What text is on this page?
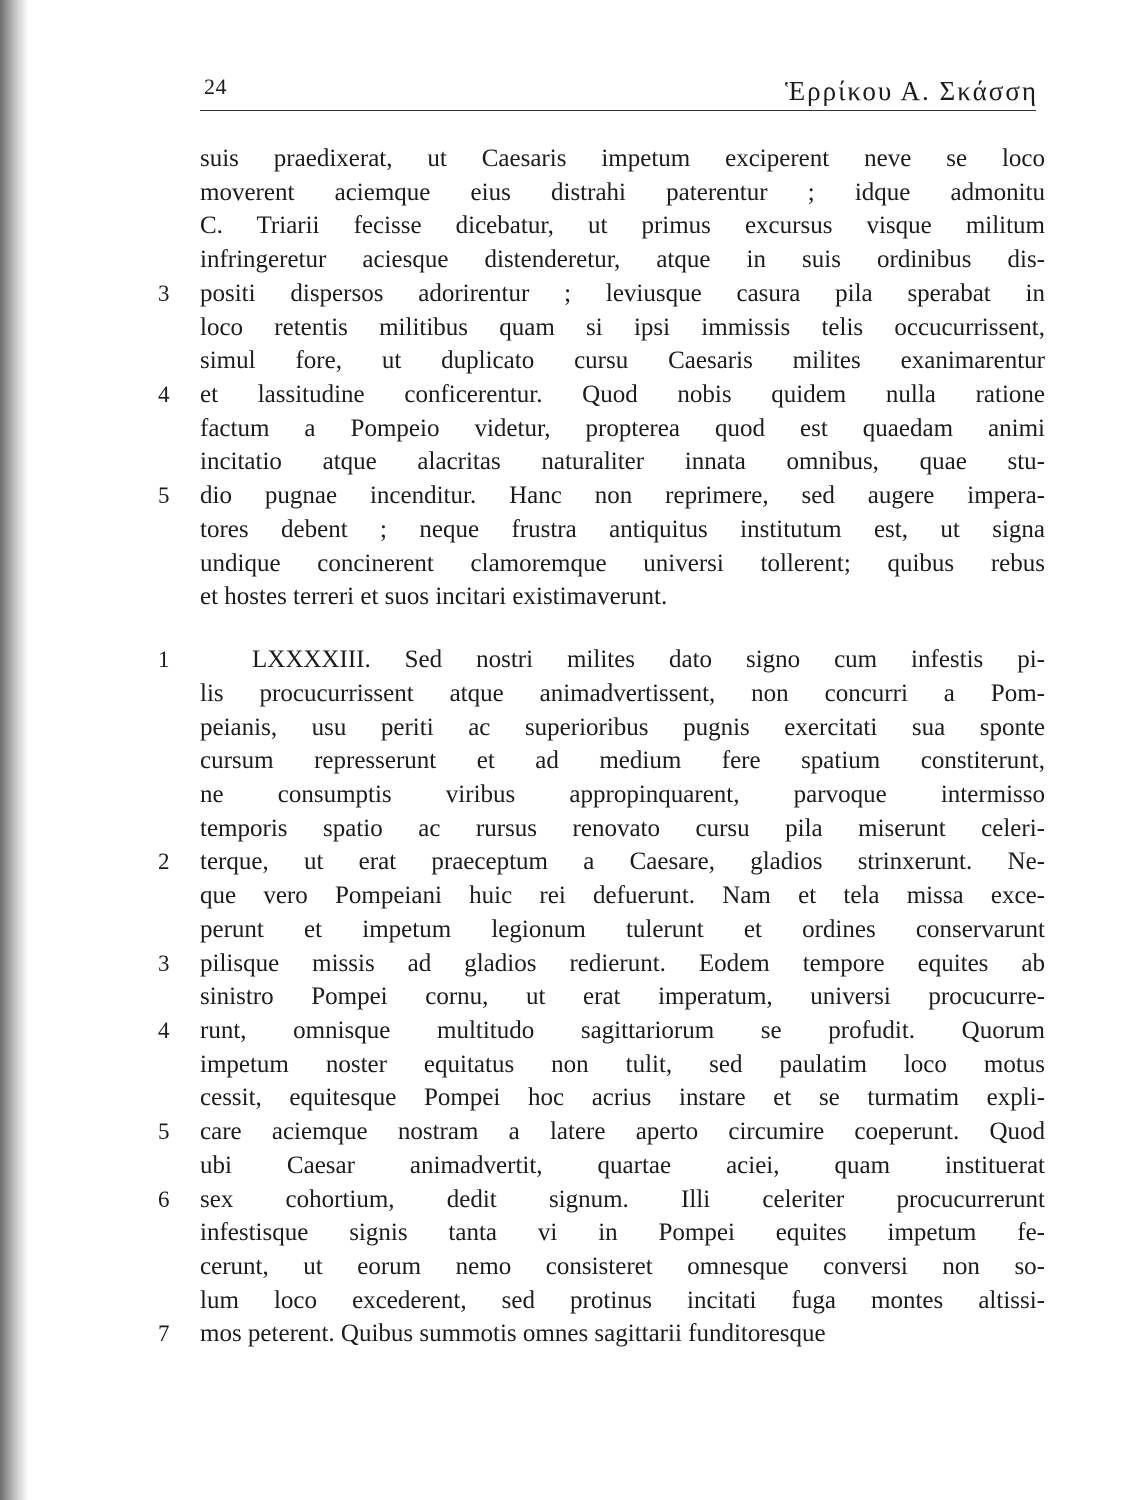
24	Ἑρρίκου Α. Σκάσση
suis praedixerat, ut Caesaris impetum exciperent neve se loco
moverent aciemque eius distrahi paterentur ; idque admonitu
C. Triarii fecisse dicebatur, ut primus excursus visque militum
infringeretur aciesque distenderetur, atque in suis ordinibus dis-
positi dispersos adorirentur ; leviusque casura pila sperabat in
3
loco retentis militibus quam si ipsi immissis telis occucurrissent,
simul fore, ut duplicato cursu Caesaris milites exanimarentur
et lassitudine conficerentur. Quod nobis quidem nulla ratione
4
factum a Pompeio videtur, propterea quod est quaedam animi
incitatio atque alacritas naturaliter innata omnibus, quae stu-
dio pugnae incenditur. Hanc non reprimere, sed augere impera-
5
tores debent ; neque frustra antiquitus institutum est, ut signa
undique concinerent clamoremque universi tollerent; quibus rebus
et hostes terreri et suos incitari existimaverunt.
LXXXXIII. Sed nostri milites dato signo cum infestis pi-
1
lis procucurrissent atque animadvertissent, non concurri a Pom-
peianis, usu periti ac superioribus pugnis exercitati sua sponte
cursum represserunt et ad medium fere spatium constiterunt,
ne consumptis viribus appropinquarent, parvoque intermisso
temporis spatio ac rursus renovato cursu pila miserunt celeri-
terque, ut erat praeceptum a Caesare, gladios strinxerunt. Ne-
2
que vero Pompeiani huic rei defuerunt. Nam et tela missa exce-
perunt et impetum legionum tulerunt et ordines conservarunt
pilisque missis ad gladios redierunt. Eodem tempore equites ab
3
sinistro Pompei cornu, ut erat imperatum, universi procucurre-
runt, omnisque multitudo sagittariorum se profudit. Quorum
4
impetum noster equitatus non tulit, sed paulatim loco motus
cessit, equitesque Pompei hoc acrius instare et se turmatim expli-
care aciemque nostram a latere aperto circumire coeperunt. Quod
5
ubi Caesar animadvertit, quartae aciei, quam instituerat
sex cohortium, dedit signum. Illi celeriter procucurrerunt
6
infestisque signis tanta vi in Pompei equites impetum fe-
cerunt, ut eorum nemo consisteret omnesque conversi non so-
lum loco excederent, sed protinus incitati fuga montes altissi-
mos peterent. Quibus summotis omnes sagittarii funditoresque
7
